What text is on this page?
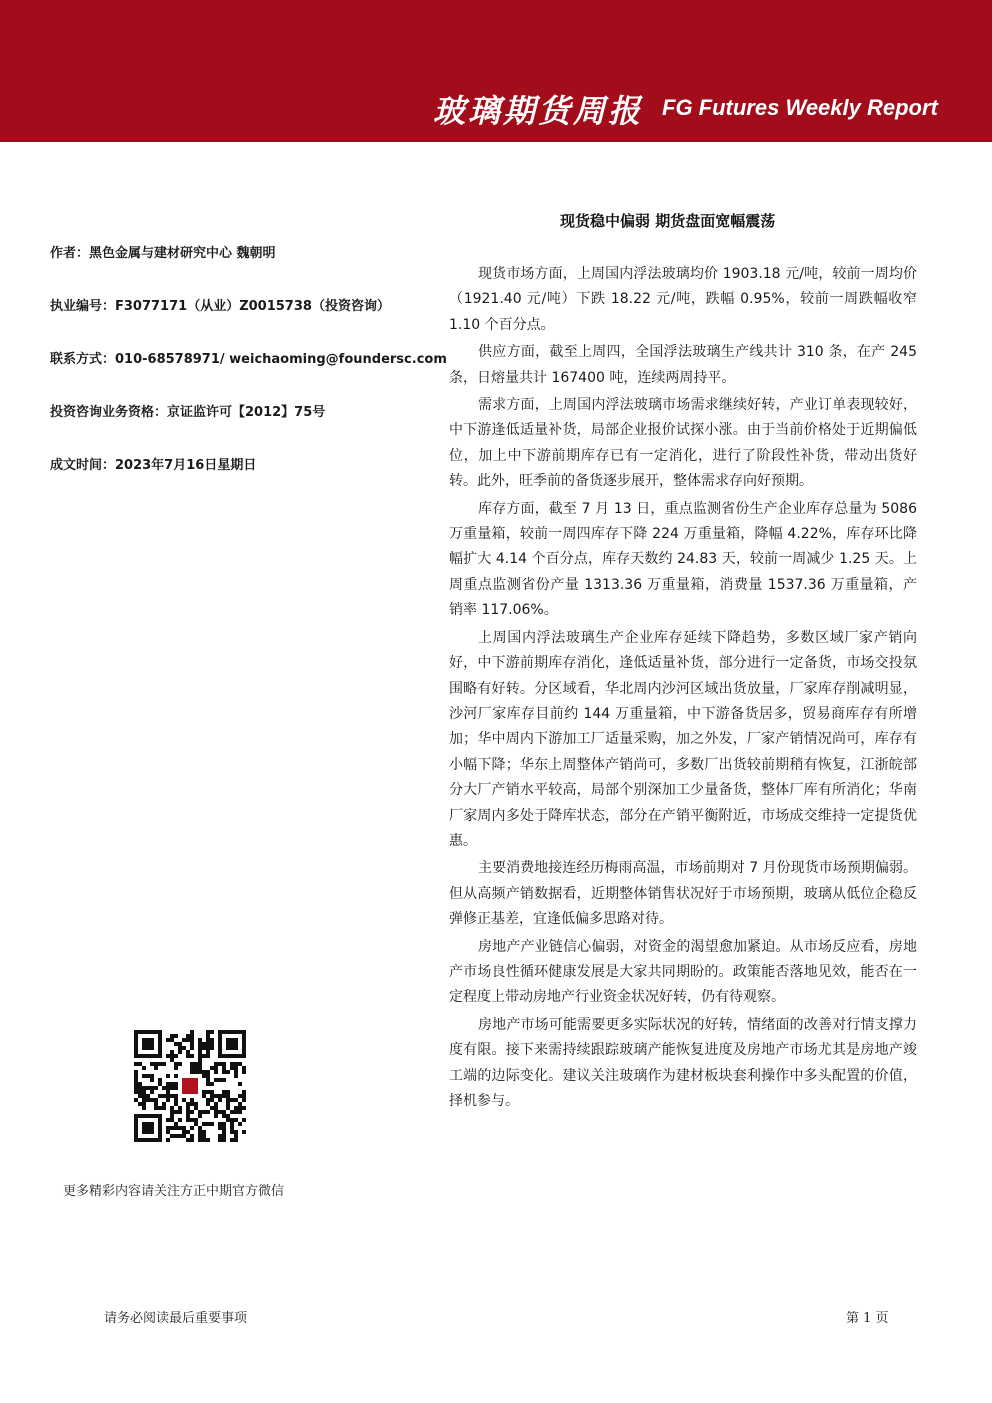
玻璃期货周报 FG Futures Weekly Report
现货稳中偏弱 期货盘面宽幅震荡
作者：黑色金属与建材研究中心 魏朝明
执业编号：F3077171（从业）Z0015738（投资咨询）
联系方式：010-68578971/ weichaoming@foundersc.com
投资咨询业务资格：京证监许可【2012】75号
成文时间：2023年7月16日星期日

现货市场方面，上周国内浮法玻璃均价 1903.18 元/吨，较前一周均价（1921.40 元/吨）下跌 18.22 元/吨，跌幅 0.95%，较前一周跌幅收窄 1.10 个百分点。

供应方面，截至上周四，全国浮法玻璃生产线共计 310 条，在产 245 条，日熔量共计 167400 吨，连续两周持平。

需求方面，上周国内浮法玻璃市场需求继续好转，产业订单表现较好，中下游逢低适量补货，局部企业报价试探小涨。由于当前价格处于近期偏低位，加上中下游前期库存已有一定消化，进行了阶段性补货，带动出货好转。此外，旺季前的备货逐步展开，整体需求存向好预期。

库存方面，截至 7 月 13 日，重点监测省份生产企业库存总量为 5086 万重量箱，较前一周四库存下降 224 万重量箱，降幅 4.22%，库存环比降幅扩大 4.14 个百分点，库存天数约 24.83 天，较前一周减少 1.25 天。上周重点监测省份产量 1313.36 万重量箱，消费量 1537.36 万重量箱，产销率 117.06%。

上周国内浮法玻璃生产企业库存延续下降趋势，多数区域厂家产销向好，中下游前期库存消化，逢低适量补货，部分进行一定备货，市场交投氛围略有好转。分区域看，华北周内沙河区域出货放量，厂家库存削减明显，沙河厂家库存目前约 144 万重量箱，中下游备货居多，贸易商库存有所增加；华中周内下游加工厂适量采购，加之外发，厂家产销情况尚可，库存有小幅下降；华东上周整体产销尚可，多数厂出货较前期稍有恢复，江浙皖部分大厂产销水平较高，局部个别深加工少量备货，整体厂库有所消化；华南厂家周内多处于降库状态，部分在产销平衡附近，市场成交维持一定提货优惠。

主要消费地接连经历梅雨高温，市场前期对 7 月份现货市场预期偏弱。但从高频产销数据看，近期整体销售状况好于市场预期，玻璃从低位企稳反弹修正基差，宜逢低偏多思路对待。

房地产产业链信心偏弱，对资金的渴望愈加紧迫。从市场反应看，房地产市场良性循环健康发展是大家共同期盼的。政策能否落地见效，能否在一定程度上带动房地产行业资金状况好转，仍有待观察。

房地产市场可能需要更多实际状况的好转，情绪面的改善对行情支撑力度有限。接下来需持续跟踪玻璃产能恢复进度及房地产市场尤其是房地产竣工端的边际变化。建议关注玻璃作为建材板块套利操作中多头配置的价值，择机参与。

更多精彩内容请关注方正中期官方微信
请务必阅读最后重要事项	第 1 页
